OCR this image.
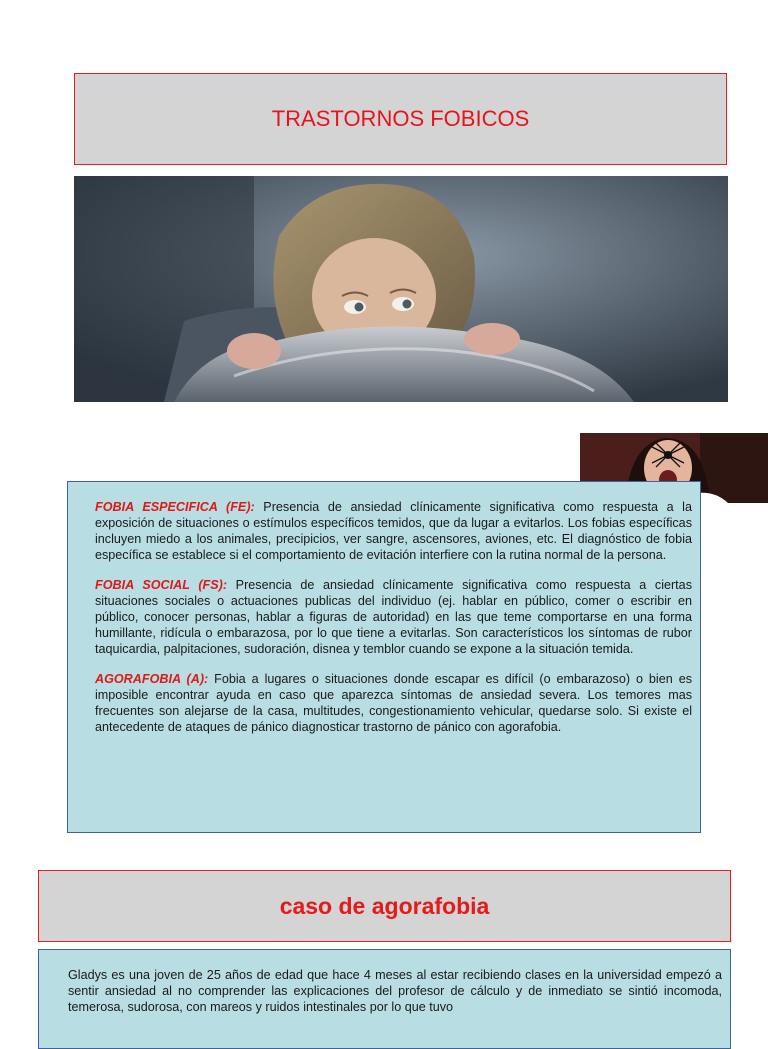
TRASTORNOS FOBICOS

FOBIA ESPECIFICA (FE): Presencia de ansiedad clínicamente significativa como respuesta a la exposición de situaciones o estímulos específicos temidos, que da lugar a evitarlos. Los fobias específicas incluyen miedo a los animales, precipicios, ver sangre, ascensores, aviones, etc. El diagnóstico de fobia específica se establece si el comportamiento de evitación interfiere con la rutina normal de la persona.

FOBIA SOCIAL (FS): Presencia de ansiedad clínicamente significativa como respuesta a ciertas situaciones sociales o actuaciones publicas del individuo (ej. hablar en público, comer o escribir en público, conocer personas, hablar a figuras de autoridad) en las que teme comportarse en una forma humillante, ridícula o embarazosa, por lo que tiene a evitarlas. Son característicos los síntomas de rubor taquicardia, palpitaciones, sudoración, disnea y temblor cuando se expone a la situación temida.

AGORAFOBIA (A): Fobia a lugares o situaciones donde escapar es difícil (o embarazoso) o bien es imposible encontrar ayuda en caso que aparezca síntomas de ansiedad severa. Los temores mas frecuentes son alejarse de la casa, multitudes, congestionamiento vehicular, quedarse solo. Si existe el antecedente de ataques de pánico diagnosticar trastorno de pánico con agorafobia.

caso de agorafobia

Gladys es una joven de 25 años de edad que hace 4 meses al estar recibiendo clases en la universidad empezó a sentir ansiedad al no comprender las explicaciones del profesor de cálculo y de inmediato se sintió incomoda, temerosa, sudorosa, con mareos y ruidos intestinales por lo que tuvo
